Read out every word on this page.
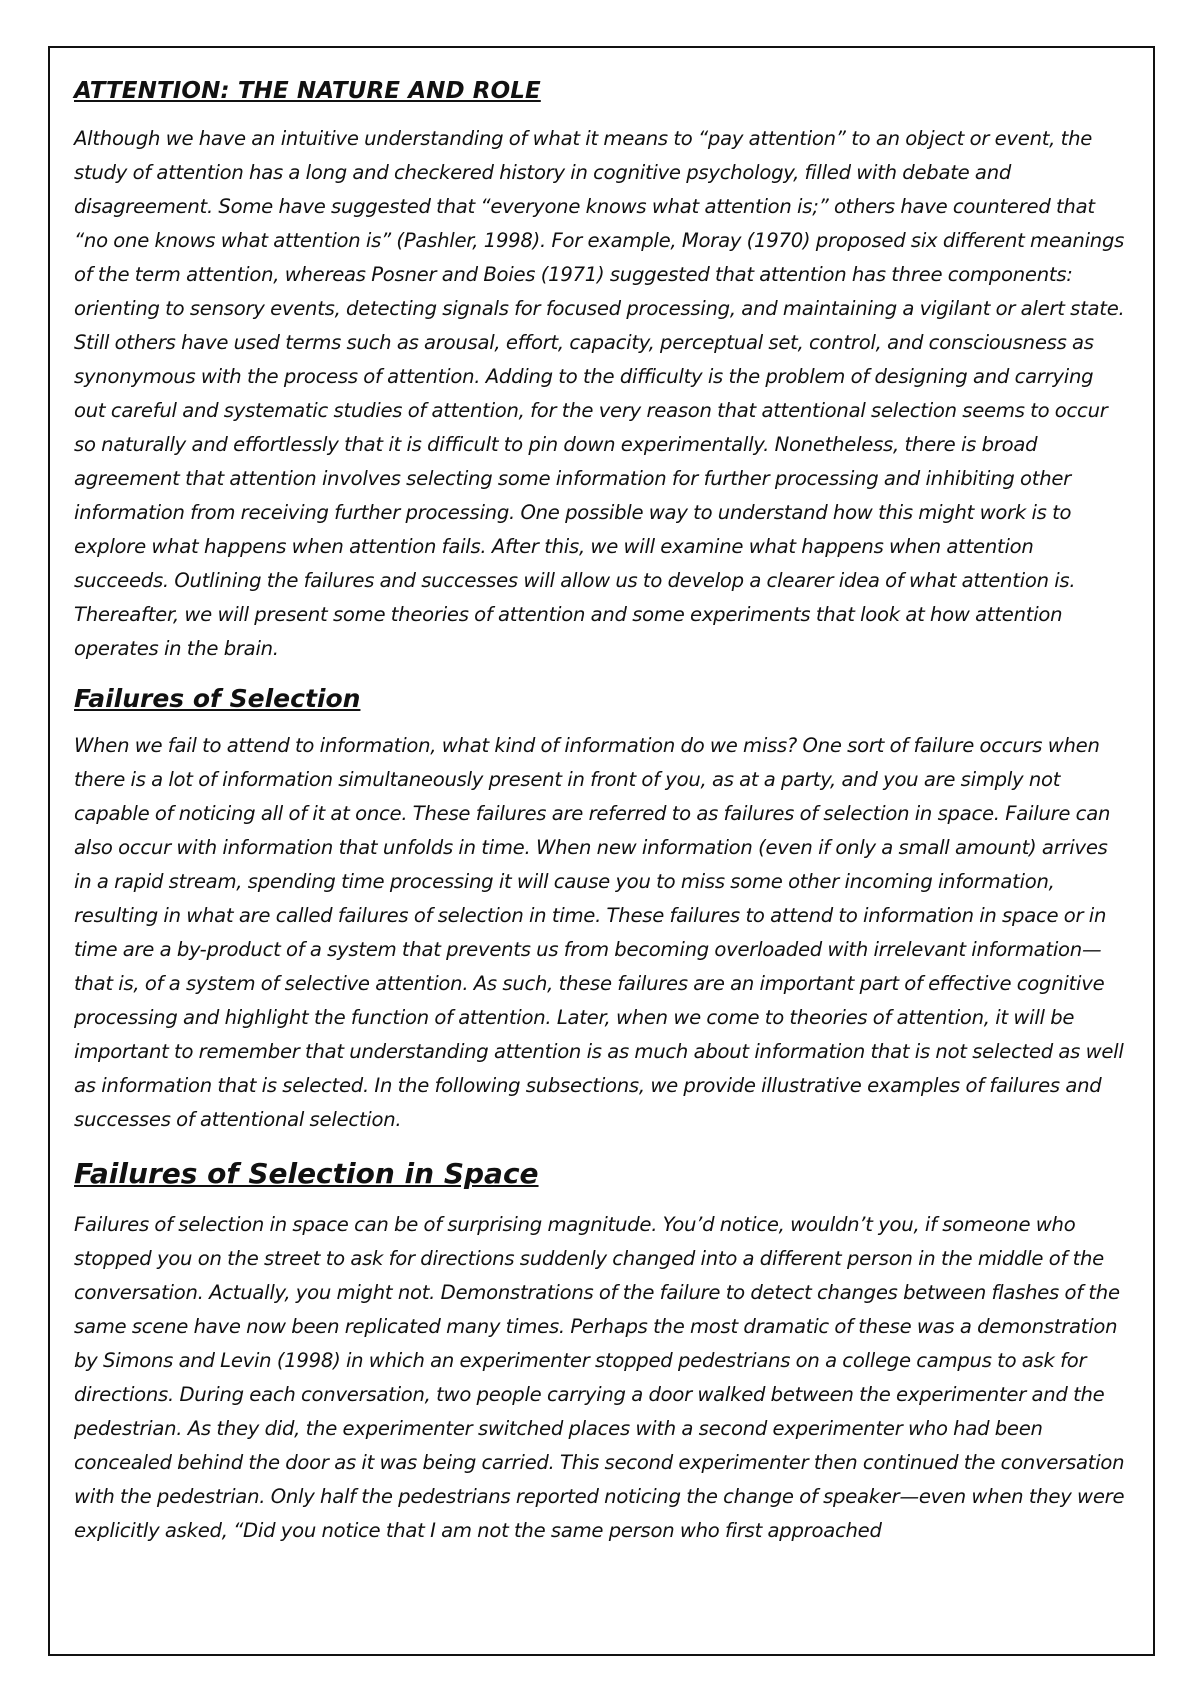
ATTENTION: THE NATURE AND ROLE

Although we have an intuitive understanding of what it means to “pay attention” to an object or event, the study of attention has a long and checkered history in cognitive psychology, filled with debate and disagreement. Some have suggested that “everyone knows what attention is;” others have countered that “no one knows what attention is” (Pashler, 1998). For example, Moray (1970) proposed six different meanings of the term attention, whereas Posner and Boies (1971) suggested that attention has three components: orienting to sensory events, detecting signals for focused processing, and maintaining a vigilant or alert state. Still others have used terms such as arousal, effort, capacity, perceptual set, control, and consciousness as synonymous with the process of attention. Adding to the difficulty is the problem of designing and carrying out careful and systematic studies of attention, for the very reason that attentional selection seems to occur so naturally and effortlessly that it is difficult to pin down experimentally. Nonetheless, there is broad agreement that attention involves selecting some information for further processing and inhibiting other information from receiving further processing. One possible way to understand how this might work is to explore what happens when attention fails. After this, we will examine what happens when attention succeeds. Outlining the failures and successes will allow us to develop a clearer idea of what attention is. Thereafter, we will present some theories of attention and some experiments that look at how attention operates in the brain.

Failures of Selection

When we fail to attend to information, what kind of information do we miss? One sort of failure occurs when there is a lot of information simultaneously present in front of you, as at a party, and you are simply not capable of noticing all of it at once. These failures are referred to as failures of selection in space. Failure can also occur with information that unfolds in time. When new information (even if only a small amount) arrives in a rapid stream, spending time processing it will cause you to miss some other incoming information, resulting in what are called failures of selection in time. These failures to attend to information in space or in time are a by-product of a system that prevents us from becoming overloaded with irrelevant information—that is, of a system of selective attention. As such, these failures are an important part of effective cognitive processing and highlight the function of attention. Later, when we come to theories of attention, it will be important to remember that understanding attention is as much about information that is not selected as well as information that is selected. In the following subsections, we provide illustrative examples of failures and successes of attentional selection.

Failures of Selection in Space

Failures of selection in space can be of surprising magnitude. You’d notice, wouldn’t you, if someone who stopped you on the street to ask for directions suddenly changed into a different person in the middle of the conversation. Actually, you might not. Demonstrations of the failure to detect changes between flashes of the same scene have now been replicated many times. Perhaps the most dramatic of these was a demonstration by Simons and Levin (1998) in which an experimenter stopped pedestrians on a college campus to ask for directions. During each conversation, two people carrying a door walked between the experimenter and the pedestrian. As they did, the experimenter switched places with a second experimenter who had been concealed behind the door as it was being carried. This second experimenter then continued the conversation with the pedestrian. Only half the pedestrians reported noticing the change of speaker—even when they were explicitly asked, “Did you notice that I am not the same person who first approached
